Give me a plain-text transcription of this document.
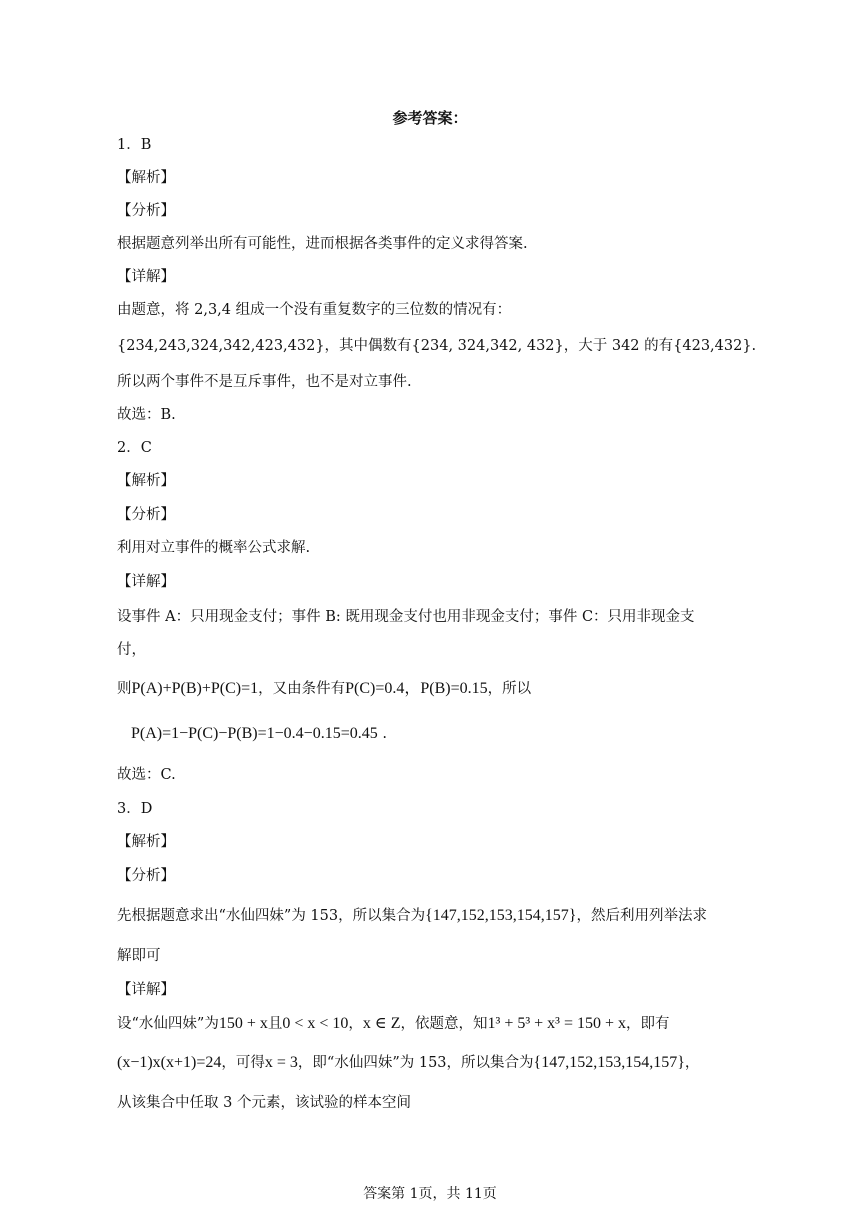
参考答案：
1．B
【解析】
【分析】
根据题意列举出所有可能性，进而根据各类事件的定义求得答案.
【详解】
由题意，将 2,3,4 组成一个没有重复数字的三位数的情况有：
{234,243,324,342,423,432}，其中偶数有{234, 324,342, 432}，大于 342 的有{423,432}.
所以两个事件不是互斥事件，也不是对立事件.
故选：B.
2．C
【解析】
【分析】
利用对立事件的概率公式求解.
【详解】
设事件 A：只用现金支付；事件 B: 既用现金支付也用非现金支付；事件 C：只用非现金支
付，
则P(A)+P(B)+P(C)=1，又由条件有P(C)=0.4，P(B)=0.15，所以
P(A)=1−P(C)−P(B)=1−0.4−0.15=0.45 .
故选：C.
3．D
【解析】
【分析】
先根据题意求出“水仙四妹”为 153，所以集合为{147,152,153,154,157}，然后利用列举法求
解即可
【详解】
设“水仙四妹”为150 + x且0 < x < 10，x ∈ Z，依题意，知1³ + 5³ + x³ = 150 + x，即有
(x−1)x(x+1)=24，可得x = 3，即“水仙四妹”为 153，所以集合为{147,152,153,154,157}，
从该集合中任取 3 个元素，该试验的样本空间
答案第 1页，共 11页
